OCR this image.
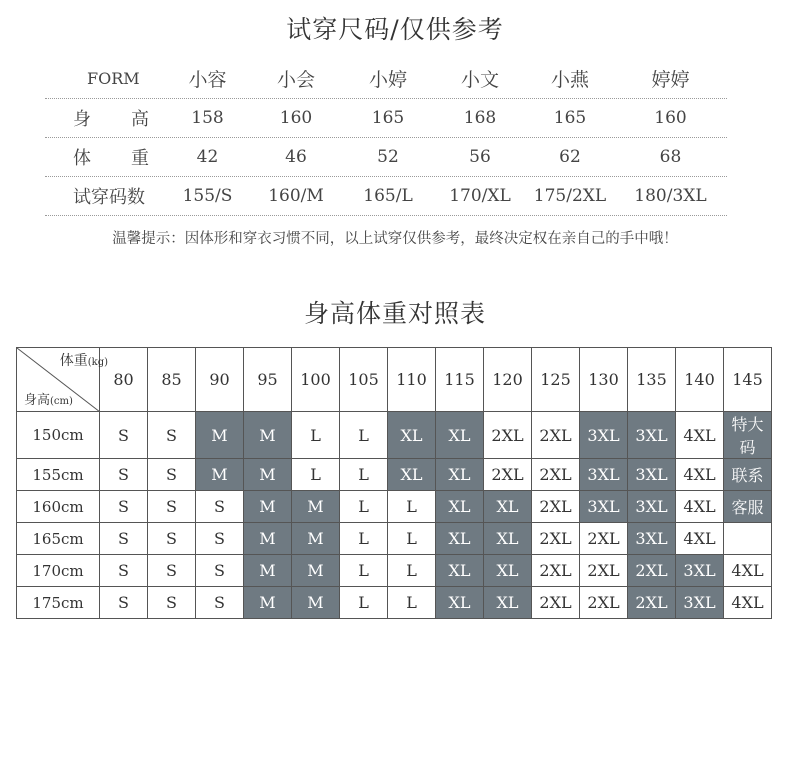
试穿尺码/仅供参考
FORM	小容	小会	小婷	小文	小燕	婷婷
身 高	158	160	165	168	165	160
体 重	42	46	52	56	62	68
试穿码数	155/S	160/M	165/L	170/XL	175/2XL	180/3XL
温馨提示：因体形和穿衣习惯不同，以上试穿仅供参考，最终决定权在亲自己的手中哦！
身高体重对照表
体重(kg)
身高(cm)	80	85	90	95	100	105	110	115	120	125	130	135	140	145
150cm	S	S	M	M	L	L	XL	XL	2XL	2XL	3XL	3XL	4XL	特大码
155cm	S	S	M	M	L	L	XL	XL	2XL	2XL	3XL	3XL	4XL	联系
160cm	S	S	S	M	M	L	L	XL	XL	2XL	3XL	3XL	4XL	客服
165cm	S	S	S	M	M	L	L	XL	XL	2XL	2XL	3XL	4XL	
170cm	S	S	S	M	M	L	L	XL	XL	2XL	2XL	2XL	3XL	4XL
175cm	S	S	S	M	M	L	L	XL	XL	2XL	2XL	2XL	3XL	4XL
